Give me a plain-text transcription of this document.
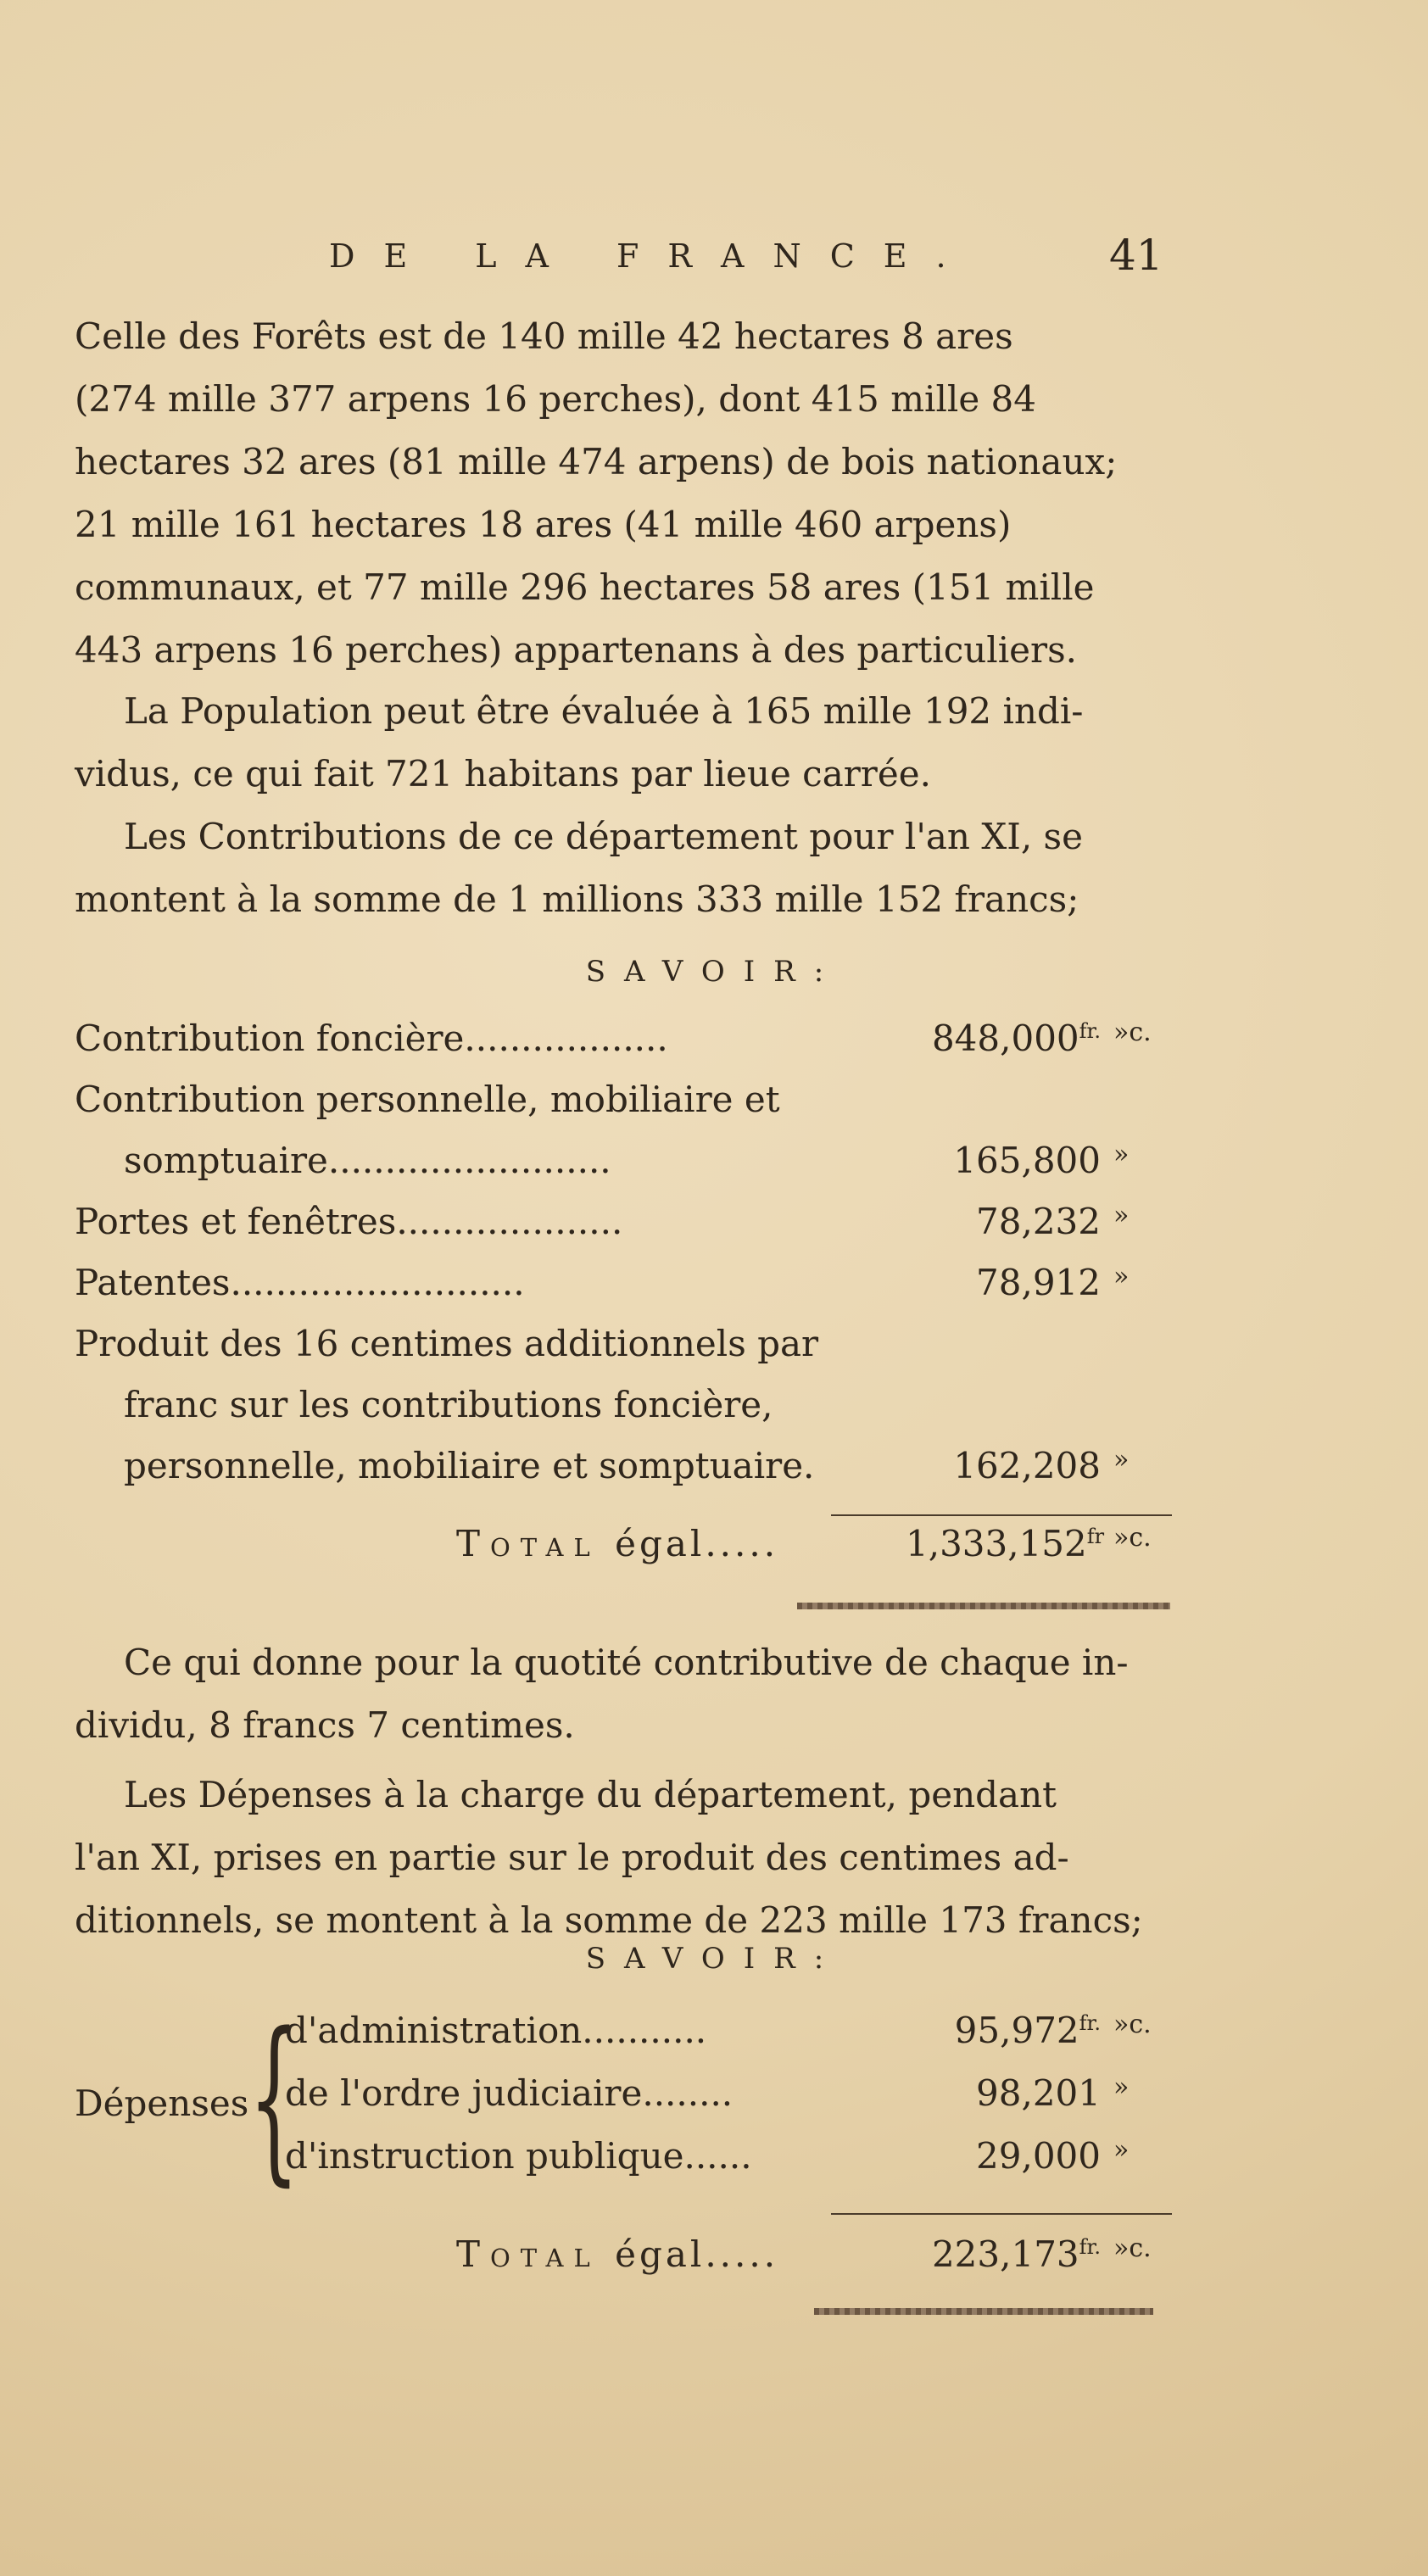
DE LA FRANCE.	41
Celle des Forêts est de 140 mille 42 hectares 8 ares
(274 mille 377 arpens 16 perches), dont 415 mille 84
hectares 32 ares (81 mille 474 arpens) de bois nationaux;
21 mille 161 hectares 18 ares (41 mille 460 arpens)
communaux, et 77 mille 296 hectares 58 ares (151 mille
443 arpens 16 perches) appartenans à des particuliers.
La Population peut être évaluée à 165 mille 192 indi-
vidus, ce qui fait 721 habitans par lieue carrée.
Les Contributions de ce département pour l'an XI, se
montent à la somme de 1 millions 333 mille 152 francs;
SAVOIR:
Contribution foncière..................	$848,000^{fr.}$ »c.
Contribution personnelle, mobiliaire et
somptuaire.........................	165,800 »
Portes et fenêtres....................	78,232 »
Patentes..........................	78,912 »
Produit des 16 centimes additionnels par
franc sur les contributions foncière,
personnelle, mobiliaire et somptuaire.	162,208 »
Total égal.....	$1,333,152^{fr}$ »c.
Ce qui donne pour la quotité contributive de chaque in-
dividu, 8 francs 7 centimes.
Les Dépenses à la charge du département, pendant
l'an XI, prises en partie sur le produit des centimes ad-
ditionnels, se montent à la somme de 223 mille 173 francs;
SAVOIR:
Dépenses {
d'administration...........	$95,972^{fr.}$ »c.
de l'ordre judiciaire........	98,201 »
d'instruction publique......	29,000 »
Total égal.....	$223,173^{fr.}$ »c.
